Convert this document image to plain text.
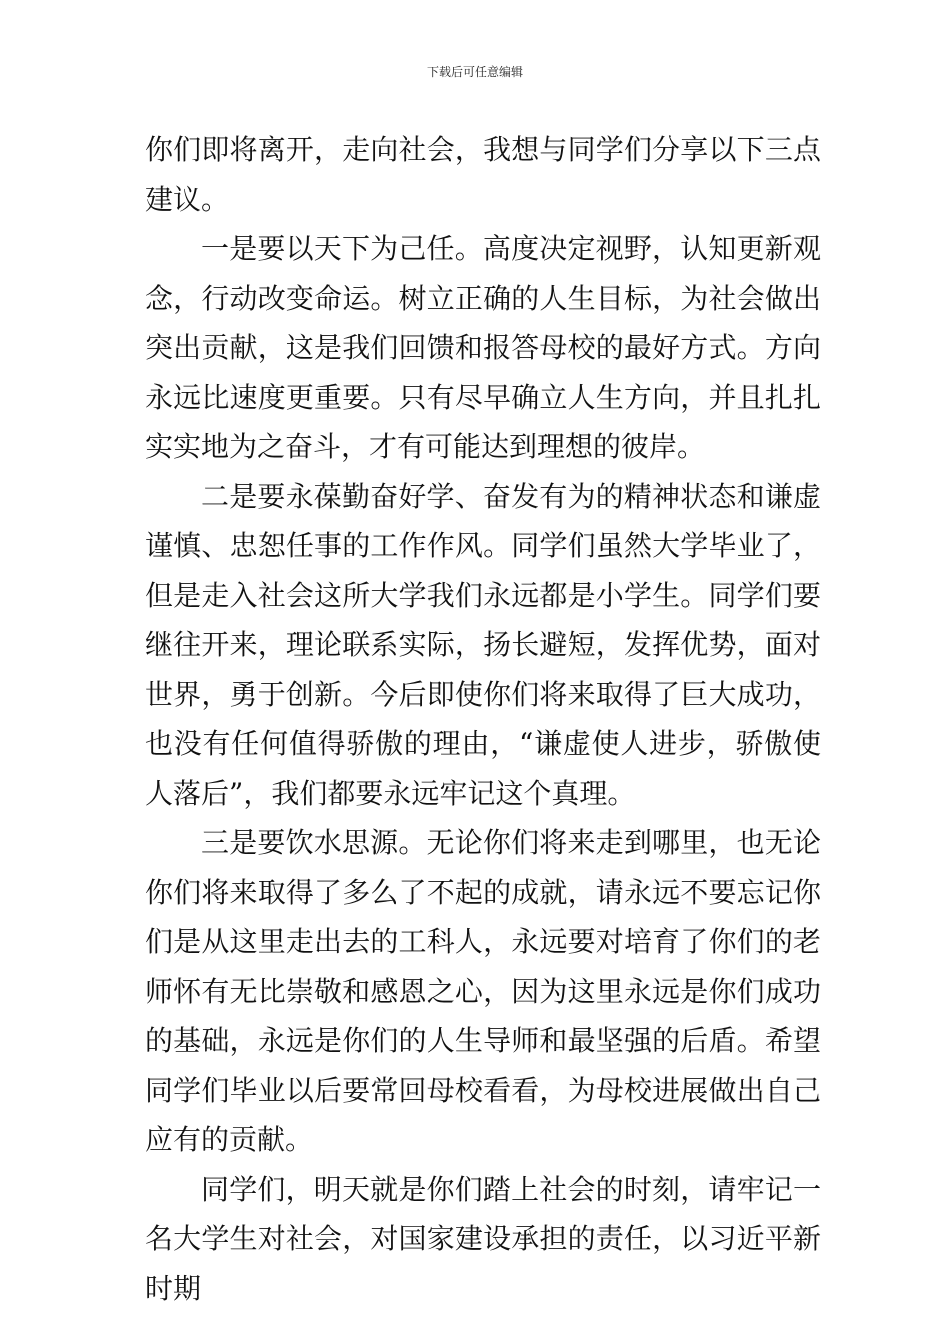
下载后可任意编辑

你们即将离开，走向社会，我想与同学们分享以下三点建议。

一是要以天下为己任。高度决定视野，认知更新观念，行动改变命运。树立正确的人生目标，为社会做出突出贡献，这是我们回馈和报答母校的最好方式。方向永远比速度更重要。只有尽早确立人生方向，并且扎扎实实地为之奋斗，才有可能达到理想的彼岸。

二是要永葆勤奋好学、奋发有为的精神状态和谦虚谨慎、忠恕任事的工作作风。同学们虽然大学毕业了，但是走入社会这所大学我们永远都是小学生。同学们要继往开来，理论联系实际，扬长避短，发挥优势，面对世界，勇于创新。今后即使你们将来取得了巨大成功，也没有任何值得骄傲的理由，“谦虚使人进步，骄傲使人落后”，我们都要永远牢记这个真理。

三是要饮水思源。无论你们将来走到哪里，也无论你们将来取得了多么了不起的成就，请永远不要忘记你们是从这里走出去的工科人，永远要对培育了你们的老师怀有无比崇敬和感恩之心，因为这里永远是你们成功的基础，永远是你们的人生导师和最坚强的后盾。希望同学们毕业以后要常回母校看看，为母校进展做出自己应有的贡献。

同学们，明天就是你们踏上社会的时刻，请牢记一名大学生对社会，对国家建设承担的责任，以习近平新时期
